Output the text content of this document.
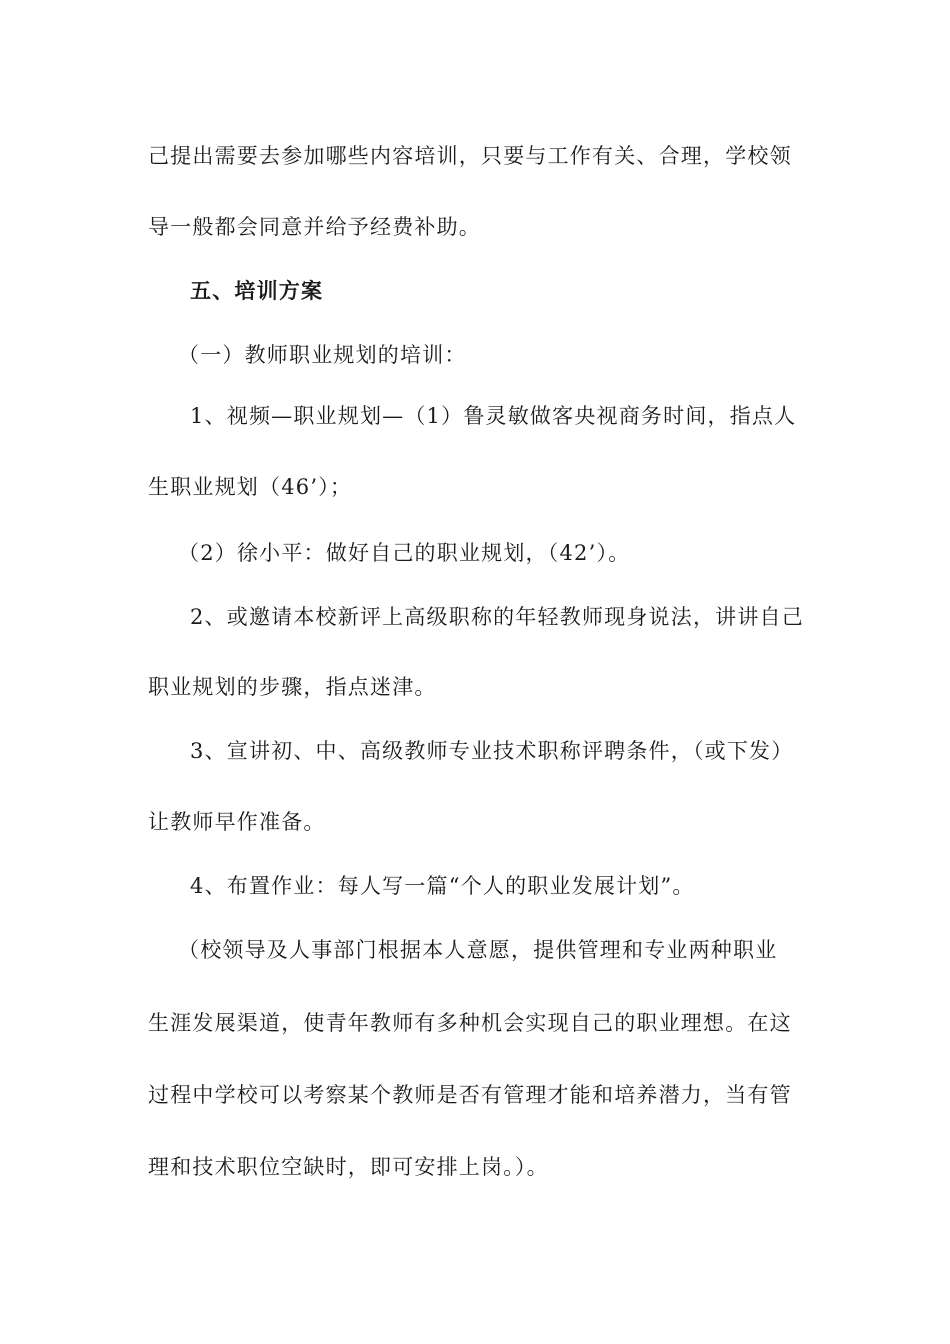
己提出需要去参加哪些内容培训，只要与工作有关、合理，学校领
导一般都会同意并给予经费补助。
五、培训方案
（一）教师职业规划的培训：
1、视频—职业规划—（1）鲁灵敏做客央视商务时间，指点人
生职业规划（46’）；
（2）徐小平：做好自己的职业规划，（42’）。
2、或邀请本校新评上高级职称的年轻教师现身说法，讲讲自己
职业规划的步骤，指点迷津。
3、宣讲初、中、高级教师专业技术职称评聘条件，（或下发）
让教师早作准备。
4、布置作业：每人写一篇“个人的职业发展计划”。
（校领导及人事部门根据本人意愿，提供管理和专业两种职业
生涯发展渠道，使青年教师有多种机会实现自己的职业理想。在这
过程中学校可以考察某个教师是否有管理才能和培养潜力，当有管
理和技术职位空缺时，即可安排上岗。）。
